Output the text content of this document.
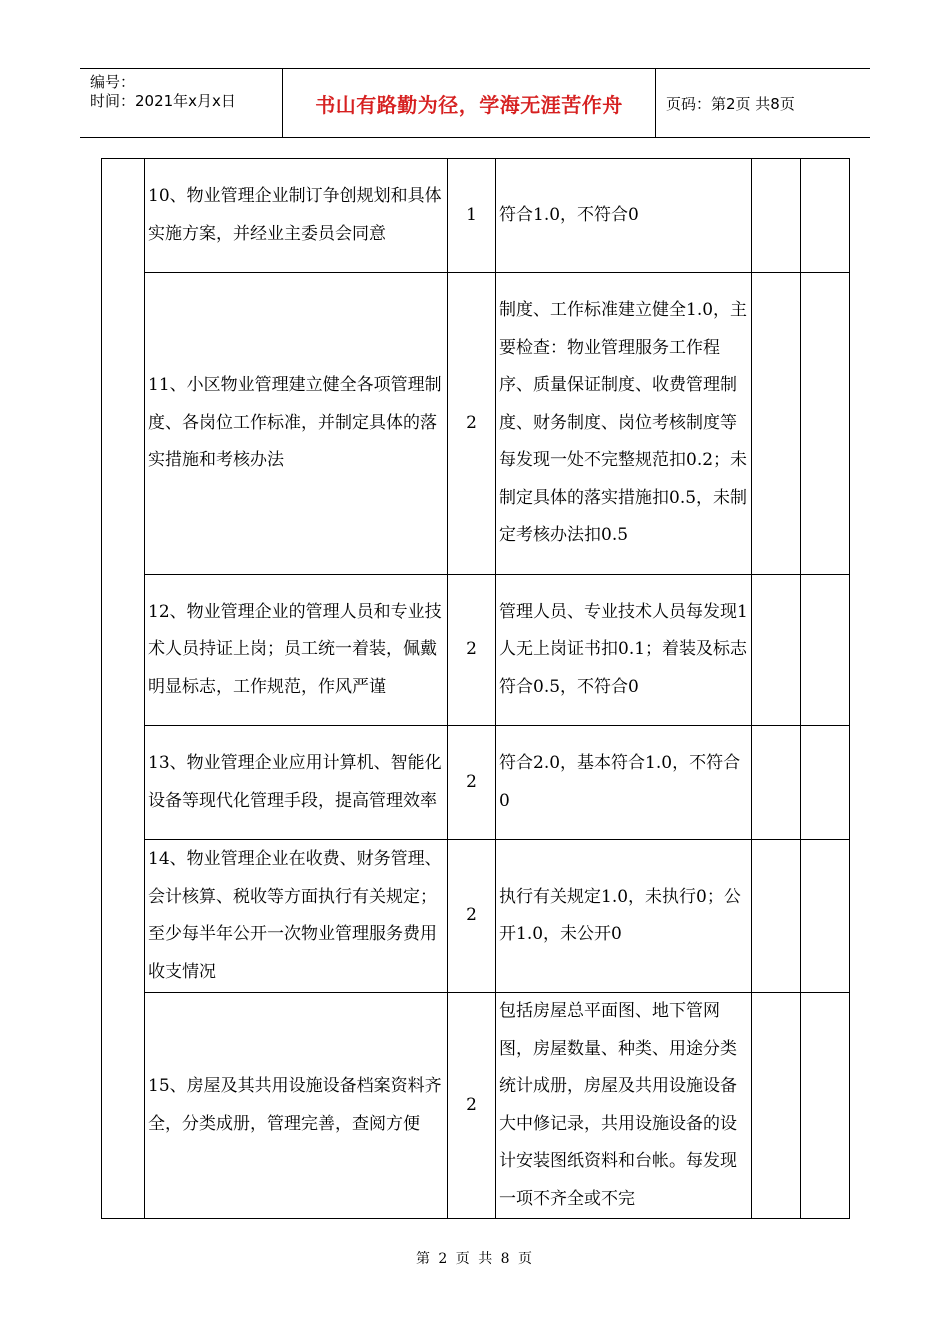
编号：
时间：2021年x月x日	书山有路勤为径，学海无涯苦作舟	页码：第2页 共8页
	10、物业管理企业制订争创规划和具体实施方案，并经业主委员会同意	1	符合1.0，不符合0		
	11、小区物业管理建立健全各项管理制度、各岗位工作标准，并制定具体的落实措施和考核办法	2	制度、工作标准建立健全1.0，主要检查：物业管理服务工作程序、质量保证制度、收费管理制度、财务制度、岗位考核制度等每发现一处不完整规范扣0.2；未制定具体的落实措施扣0.5，未制定考核办法扣0.5		
	12、物业管理企业的管理人员和专业技术人员持证上岗；员工统一着装，佩戴明显标志，工作规范，作风严谨	2	管理人员、专业技术人员每发现1人无上岗证书扣0.1；着装及标志符合0.5，不符合0		
	13、物业管理企业应用计算机、智能化设备等现代化管理手段，提高管理效率	2	符合2.0，基本符合1.0，不符合0		
	14、物业管理企业在收费、财务管理、会计核算、税收等方面执行有关规定；至少每半年公开一次物业管理服务费用收支情况	2	执行有关规定1.0，未执行0；公开1.0，未公开0		
	15、房屋及其共用设施设备档案资料齐全，分类成册，管理完善，查阅方便	2	包括房屋总平面图、地下管网图，房屋数量、种类、用途分类统计成册，房屋及共用设施设备大中修记录，共用设施设备的设计安装图纸资料和台帐。每发现一项不齐全或不完		
第 2 页 共 8 页
